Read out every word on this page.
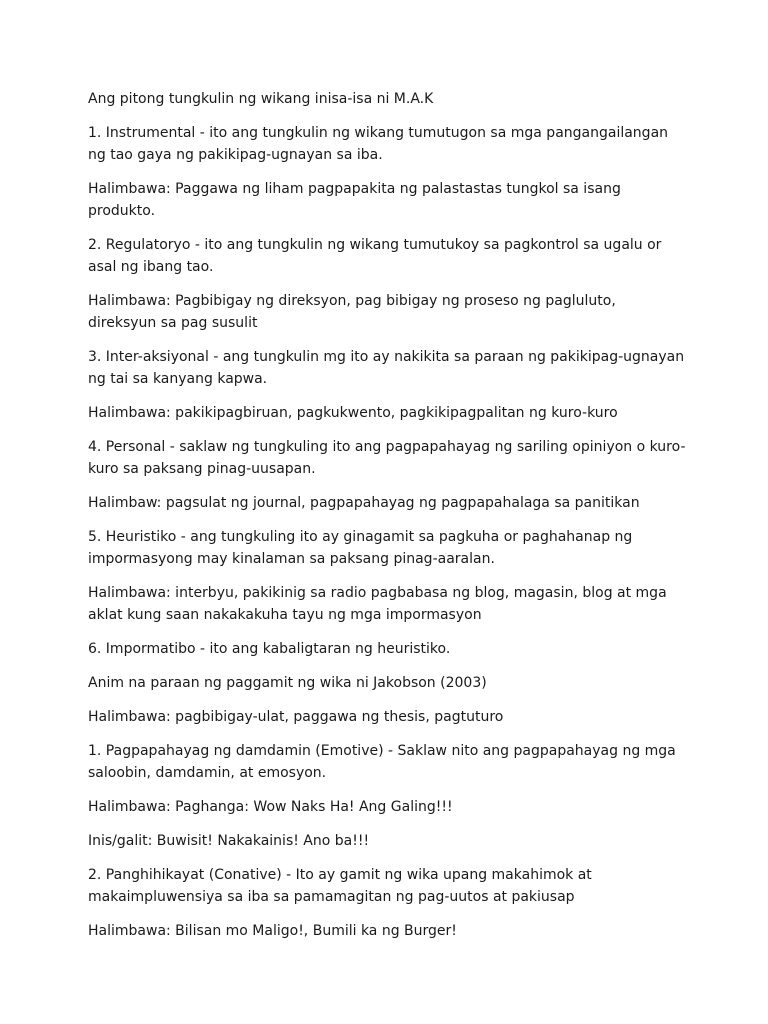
Ang pitong tungkulin ng wikang inisa-isa ni M.A.K

1. Instrumental - ito ang tungkulin ng wikang tumutugon sa mga pangangailangan ng tao gaya ng pakikipag-ugnayan sa iba.

Halimbawa: Paggawa ng liham pagpapakita ng palastastas tungkol sa isang produkto.

2. Regulatoryo - ito ang tungkulin ng wikang tumutukoy sa pagkontrol sa ugalu or asal ng ibang tao.

Halimbawa: Pagbibigay ng direksyon, pag bibigay ng proseso ng pagluluto, direksyun sa pag susulit

3. Inter-aksiyonal - ang tungkulin mg ito ay nakikita sa paraan ng pakikipag-ugnayan ng tai sa kanyang kapwa.

Halimbawa: pakikipagbiruan, pagkukwento, pagkikipagpalitan ng kuro-kuro

4. Personal - saklaw ng tungkuling ito ang pagpapahayag ng sariling opiniyon o kuro-kuro sa paksang pinag-uusapan.

Halimbaw: pagsulat ng journal, pagpapahayag ng pagpapahalaga sa panitikan

5. Heuristiko - ang tungkuling ito ay ginagamit sa pagkuha or paghahanap ng impormasyong may kinalaman sa paksang pinag-aaralan.

Halimbawa: interbyu, pakikinig sa radio pagbabasa ng blog, magasin, blog at mga aklat kung saan nakakakuha tayu ng mga impormasyon

6. Impormatibo - ito ang kabaligtaran ng heuristiko.

Anim na paraan ng paggamit ng wika ni Jakobson (2003)

Halimbawa: pagbibigay-ulat, paggawa ng thesis, pagtuturo

1. Pagpapahayag ng damdamin (Emotive) - Saklaw nito ang pagpapahayag ng mga saloobin, damdamin, at emosyon.

Halimbawa: Paghanga: Wow Naks Ha! Ang Galing!!!

Inis/galit: Buwisit! Nakakainis! Ano ba!!!

2. Panghihikayat (Conative) - Ito ay gamit ng wika upang makahimok at makaimpluwensiya sa iba sa pamamagitan ng pag-uutos at pakiusap

Halimbawa: Bilisan mo Maligo!, Bumili ka ng Burger!
